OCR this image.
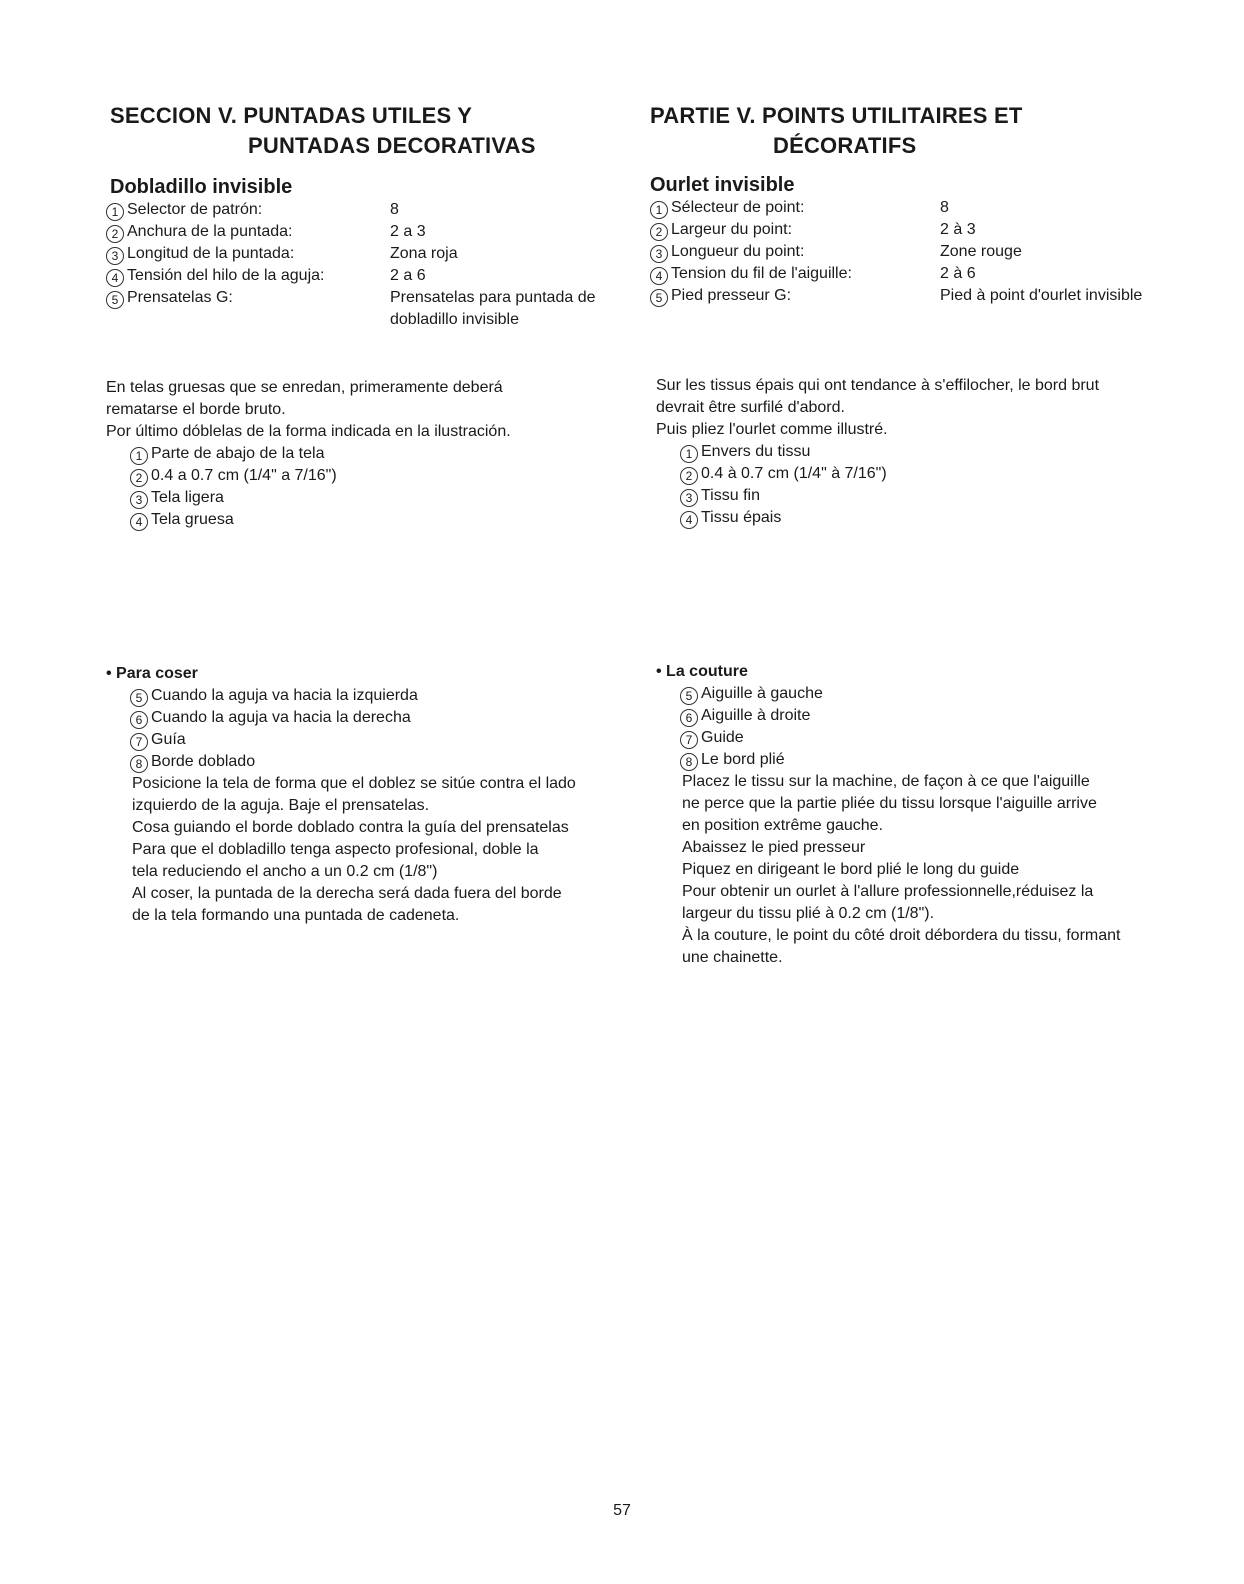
SECCION V. PUNTADAS UTILES Y
PUNTADAS DECORATIVAS
Dobladillo invisible
1 Selector de patrón:	8
2 Anchura de la puntada:	2 a 3
3 Longitud de la puntada:	Zona roja
4 Tensión del hilo de la aguja:	2 a 6
5 Prensatelas G:	Prensatelas para puntada de
dobladillo invisible
En telas gruesas que se enredan, primeramente deberá
rematarse el borde bruto.
Por último dóblelas de la forma indicada en la ilustración.
1 Parte de abajo de la tela
2 0.4 a 0.7 cm (1/4" a 7/16")
3 Tela ligera
4 Tela gruesa
• Para coser
5 Cuando la aguja va hacia la izquierda
6 Cuando la aguja va hacia la derecha
7 Guía
8 Borde doblado
Posicione la tela de forma que el doblez se sitúe contra el lado
izquierdo de la aguja. Baje el prensatelas.
Cosa guiando el borde doblado contra la guía del prensatelas
Para que el dobladillo tenga aspecto profesional, doble la
tela reduciendo el ancho a un 0.2 cm (1/8")
Al coser, la puntada de la derecha será dada fuera del borde
de la tela formando una puntada de cadeneta.
PARTIE V. POINTS UTILITAIRES ET
DÉCORATIFS
Ourlet invisible
1 Sélecteur de point:	8
2 Largeur du point:	2 à 3
3 Longueur du point:	Zone rouge
4 Tension du fil de l'aiguille:	2 à 6
5 Pied presseur G:	Pied à point d'ourlet invisible
Sur les tissus épais qui ont tendance à s'effilocher, le bord brut
devrait être surfilé d'abord.
Puis pliez l'ourlet comme illustré.
1 Envers du tissu
2 0.4 à 0.7 cm (1/4" à 7/16")
3 Tissu fin
4 Tissu épais
• La couture
5 Aiguille à gauche
6 Aiguille à droite
7 Guide
8 Le bord plié
Placez le tissu sur la machine, de façon à ce que l'aiguille
ne perce que la partie pliée du tissu lorsque l'aiguille arrive
en position extrême gauche.
Abaissez le pied presseur
Piquez en dirigeant le bord plié le long du guide
Pour obtenir un ourlet à l'allure professionnelle,réduisez la
largeur du tissu plié à 0.2 cm (1/8").
À la couture, le point du côté droit débordera du tissu, formant
une chainette.
57
